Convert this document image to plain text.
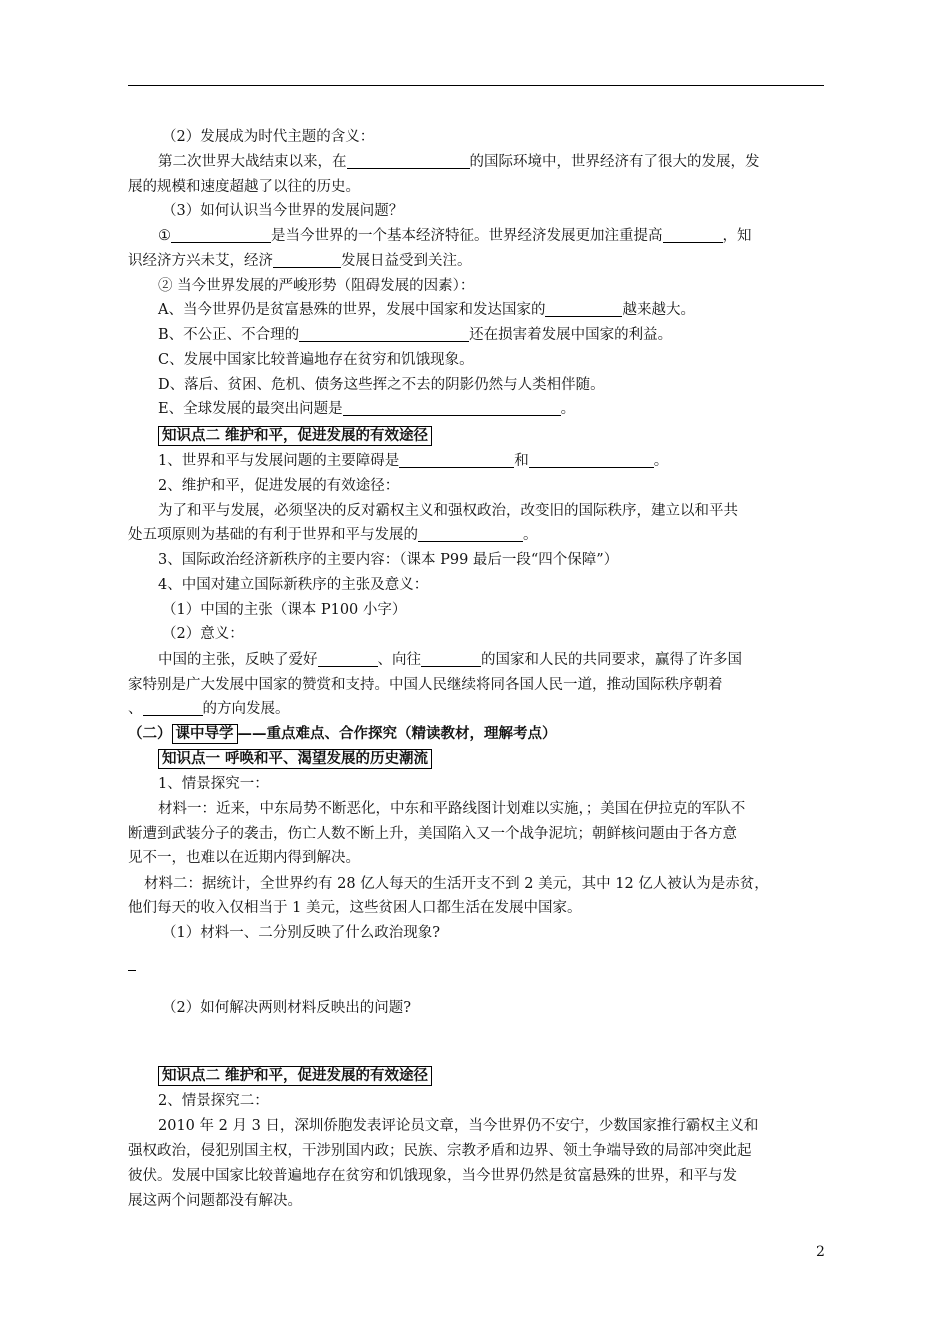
（2）发展成为时代主题的含义：
第二次世界大战结束以来，在	的国际环境中，世界经济有了很大的发展，发
展的规模和速度超越了以往的历史。
（3）如何认识当今世界的发展问题？
①	是当今世界的一个基本经济特征。世界经济发展更加注重提高	，知
识经济方兴未艾，经济	发展日益受到关注。
② 当今世界发展的严峻形势（阻碍发展的因素）：
A、当今世界仍是贫富悬殊的世界，发展中国家和发达国家的	越来越大。
B、不公正、不合理的	还在损害着发展中国家的利益。
C、发展中国家比较普遍地存在贫穷和饥饿现象。
D、落后、贫困、危机、债务这些挥之不去的阴影仍然与人类相伴随。
E、全球发展的最突出问题是	。
知识点二 维护和平，促进发展的有效途径
1、世界和平与发展问题的主要障碍是	和	。
2、维护和平，促进发展的有效途径：
为了和平与发展，必须坚决的反对霸权主义和强权政治，改变旧的国际秩序，建立以和平共
处五项原则为基础的有利于世界和平与发展的	。
3、国际政治经济新秩序的主要内容：（课本 P99 最后一段“四个保障”）
4、中国对建立国际新秩序的主张及意义：
（1）中国的主张（课本 P100 小字）
（2）意义：
中国的主张，反映了爱好	、向往	的国家和人民的共同要求，赢得了许多国
家特别是广大发展中国家的赞赏和支持。中国人民继续将同各国人民一道，推动国际秩序朝着
、	的方向发展。
（二） 课中导学 ——重点难点、合作探究（精读教材，理解考点）
知识点一 呼唤和平、渴望发展的历史潮流
1、情景探究一：
材料一：近来，中东局势不断恶化，中东和平路线图计划难以实施，；美国在伊拉克的军队不
断遭到武装分子的袭击，伤亡人数不断上升，美国陷入又一个战争泥坑；朝鲜核问题由于各方意
见不一，也难以在近期内得到解决。
材料二：据统计，全世界约有 28 亿人每天的生活开支不到 2 美元，其中 12 亿人被认为是赤贫，
他们每天的收入仅相当于 1 美元，这些贫困人口都生活在发展中国家。
（1）材料一、二分别反映了什么政治现象?
（2）如何解决两则材料反映出的问题?
知识点二 维护和平，促进发展的有效途径
2、情景探究二：
2010 年 2 月 3 日，深圳侨胞发表评论员文章，当今世界仍不安宁，少数国家推行霸权主义和
强权政治，侵犯别国主权，干涉别国内政；民族、宗教矛盾和边界、领土争端导致的局部冲突此起
彼伏。发展中国家比较普遍地存在贫穷和饥饿现象，当今世界仍然是贫富悬殊的世界，和平与发
展这两个问题都没有解决。
2
